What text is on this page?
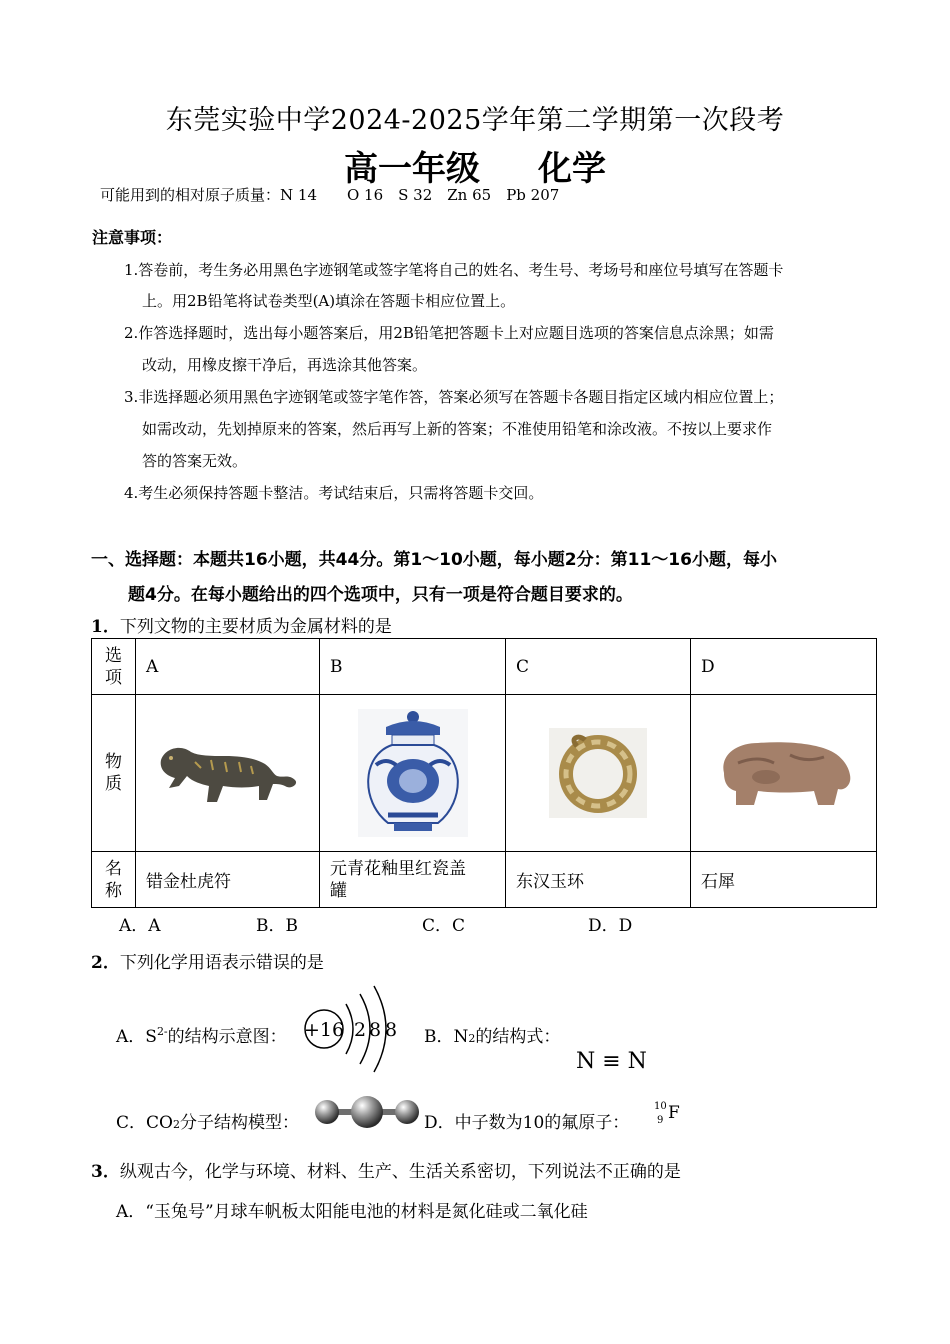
东莞实验中学2024-2025学年第二学期第一次段考
高一年级 化学
可能用到的相对原子质量：N 14　　O 16　S 32　Zn 65　Pb 207
注意事项：
1.答卷前，考生务必用黑色字迹钢笔或签字笔将自己的姓名、考生号、考场号和座位号填写在答题卡
上。用2B铅笔将试卷类型(A)填涂在答题卡相应位置上。
2.作答选择题时，选出每小题答案后，用2B铅笔把答题卡上对应题目选项的答案信息点涂黑；如需
改动，用橡皮擦干净后，再选涂其他答案。
3.非选择题必须用黑色字迹钢笔或签字笔作答，答案必须写在答题卡各题目指定区域内相应位置上；
如需改动，先划掉原来的答案，然后再写上新的答案；不准使用铅笔和涂改液。不按以上要求作
答的答案无效。
4.考生必须保持答题卡整洁。考试结束后，只需将答题卡交回。
一、选择题：本题共16小题，共44分。第1～10小题，每小题2分：第11～16小题，每小
题4分。在每小题给出的四个选项中，只有一项是符合题目要求的。
1．下列文物的主要材质为金属材料的是
选
项	A	B	C	D
物
质	

名
称	错金杜虎符	元青花釉里红瓷盖
罐	东汉玉环	石犀
A．A	B．B	C．C	D．D
2．下列化学用语表示错误的是
A．$S^{2-}$的结构示意图： +16 2 8 8 B．N2的结构式：
N ≡ N
C．CO2分子结构模型：	D．中子数为10的氟原子：
10
9 F
3．纵观古今，化学与环境、材料、生产、生活关系密切，下列说法不正确的是
A．“玉兔号”月球车帆板太阳能电池的材料是氮化硅或二氧化硅
